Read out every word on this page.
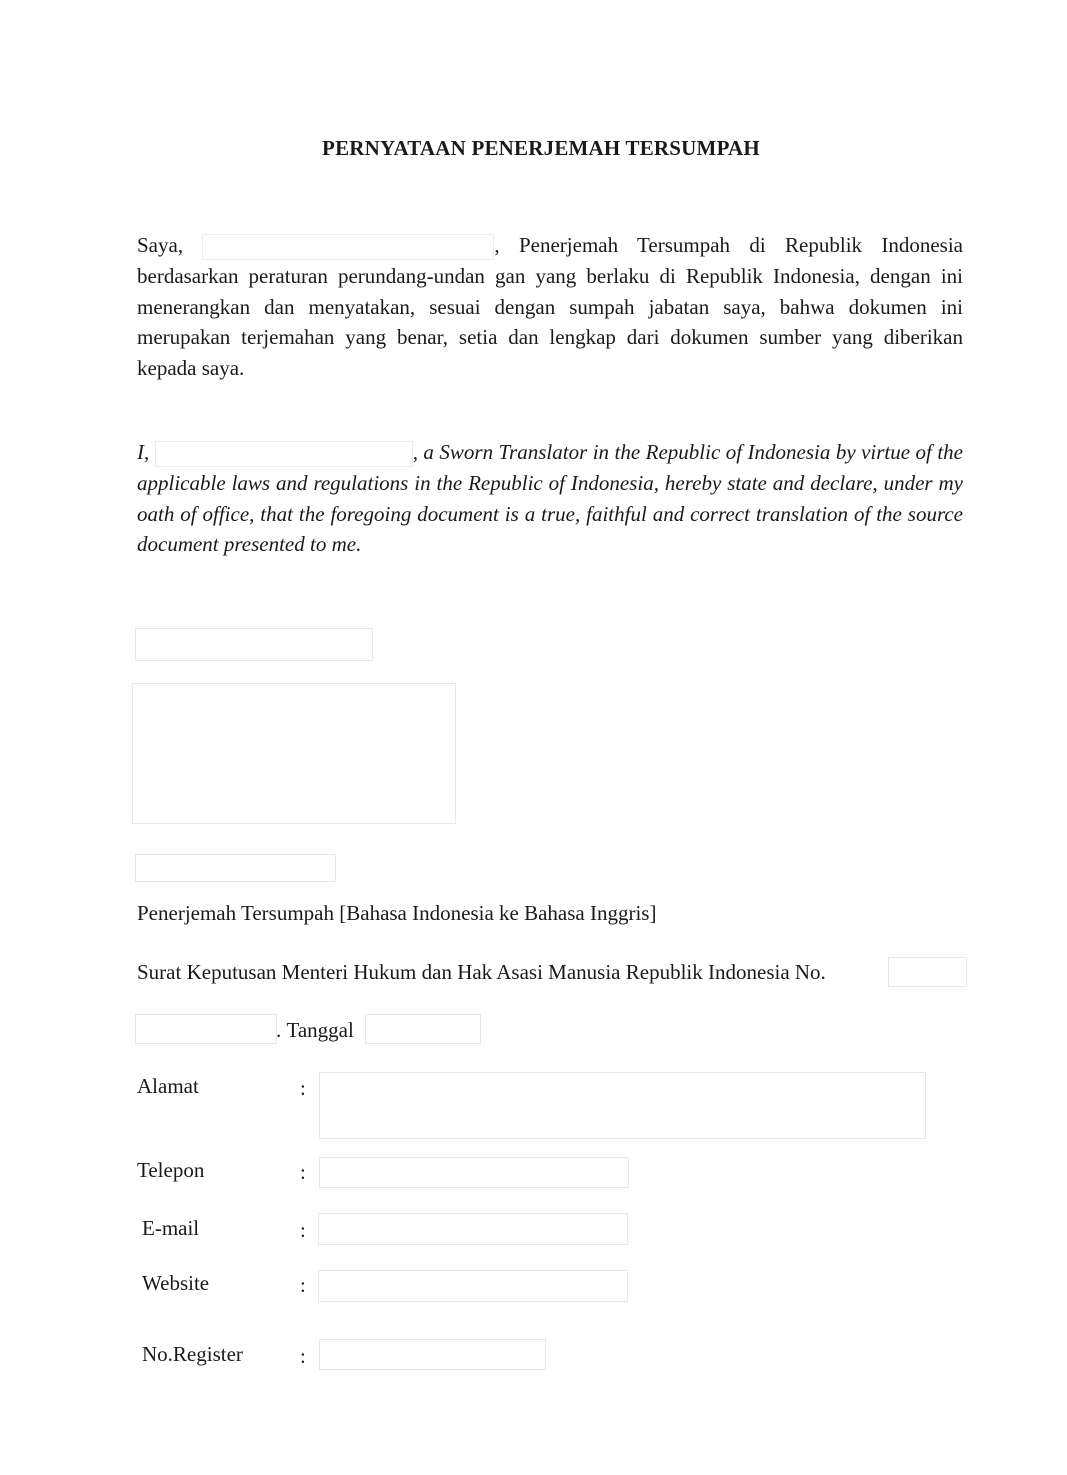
PERNYATAAN PENERJEMAH TERSUMPAH
Saya,	, Penerjemah Tersumpah di Republik Indonesia berdasarkan peraturan perundang-undan gan yang berlaku di Republik Indonesia, dengan ini menerangkan dan menyatakan, sesuai dengan sumpah jabatan saya, bahwa dokumen ini merupakan terjemahan yang benar, setia dan lengkap dari dokumen sumber yang diberikan kepada saya.
I,	, a Sworn Translator in the Republic of Indonesia by virtue of the applicable laws and regulations in the Republic of Indonesia, hereby state and declare, under my oath of office, that the foregoing document is a true, faithful and correct translation of the source document presented to me.
Penerjemah Tersumpah [Bahasa Indonesia ke Bahasa Inggris]
Surat Keputusan Menteri Hukum dan Hak Asasi Manusia Republik Indonesia No.
. Tanggal
Alamat	:
Telepon	:
E-mail	:
Website	:
No.Register	:
